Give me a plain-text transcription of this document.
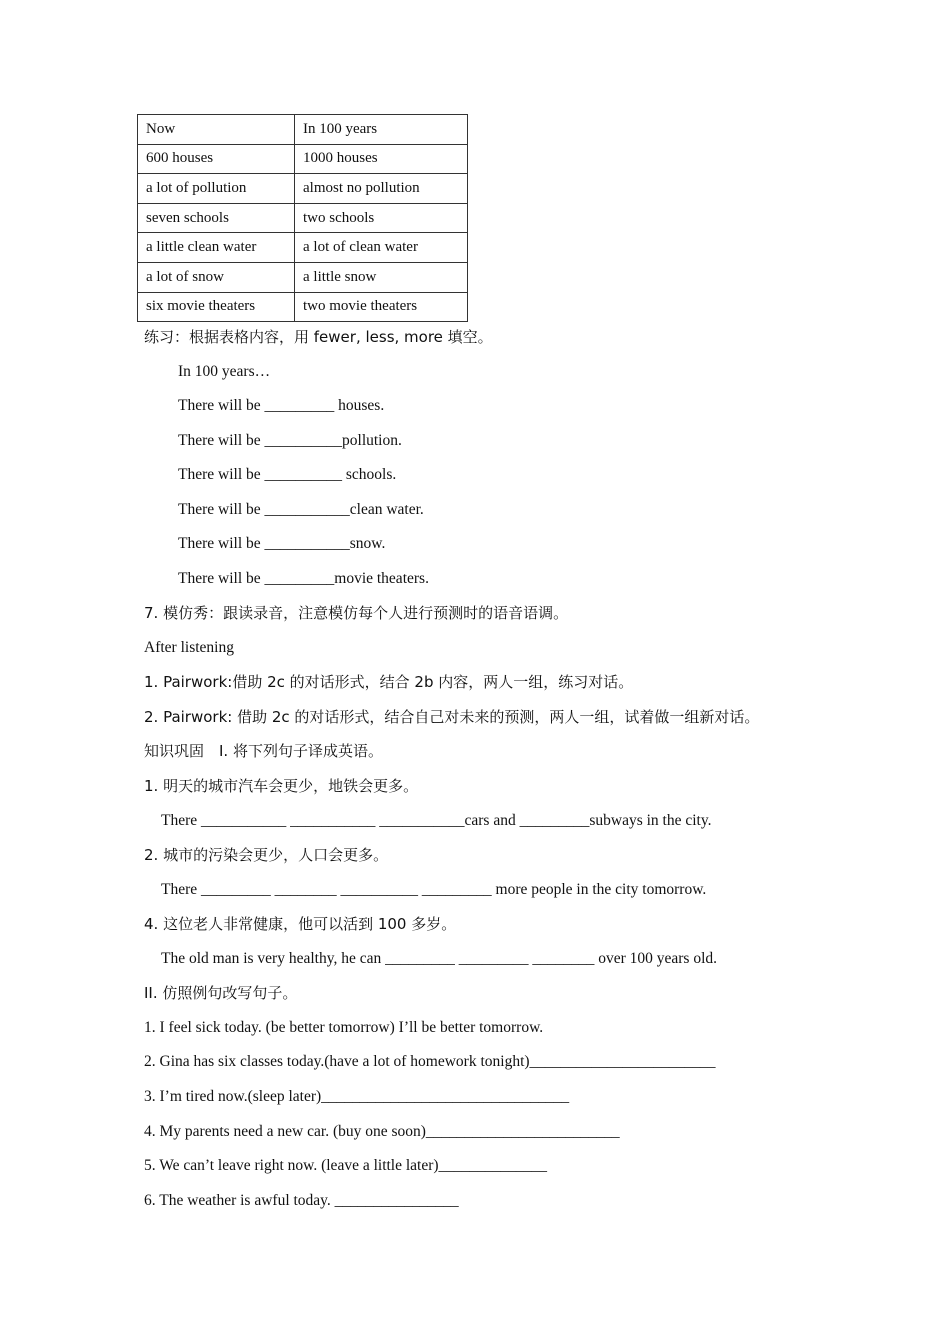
Now	In 100 years
600 houses	1000 houses
a lot of pollution	almost no pollution
seven schools	two schools
a little clean water	a lot of clean water
a lot of snow	a little snow
six movie theaters	two movie theaters
练习：根据表格内容，用 fewer, less, more 填空。
In 100 years…
There will be _________ houses.
There will be __________pollution.
There will be __________ schools.
There will be ___________clean water.
There will be ___________snow.
There will be _________movie theaters.
7. 模仿秀：跟读录音，注意模仿每个人进行预测时的语音语调。
After listening
1. Pairwork:借助 2c 的对话形式，结合 2b 内容，两人一组，练习对话。
2. Pairwork: 借助 2c 的对话形式，结合自己对未来的预测，两人一组，试着做一组新对话。
知识巩固　I. 将下列句子译成英语。
1. 明天的城市汽车会更少，地铁会更多。
There ___________ ___________ ___________cars and _________subways in the city.
2. 城市的污染会更少，人口会更多。
There _________ ________ __________ _________ more people in the city tomorrow.
4. 这位老人非常健康，他可以活到 100 多岁。
The old man is very healthy, he can _________ _________ ________ over 100 years old.
II. 仿照例句改写句子。
1. I feel sick today. (be better tomorrow) I’ll be better tomorrow.
2. Gina has six classes today.(have a lot of homework tonight)________________________
3. I’m tired now.(sleep later)________________________________
4. My parents need a new car. (buy one soon)_________________________
5. We can’t leave right now. (leave a little later)______________
6. The weather is awful today. ________________
